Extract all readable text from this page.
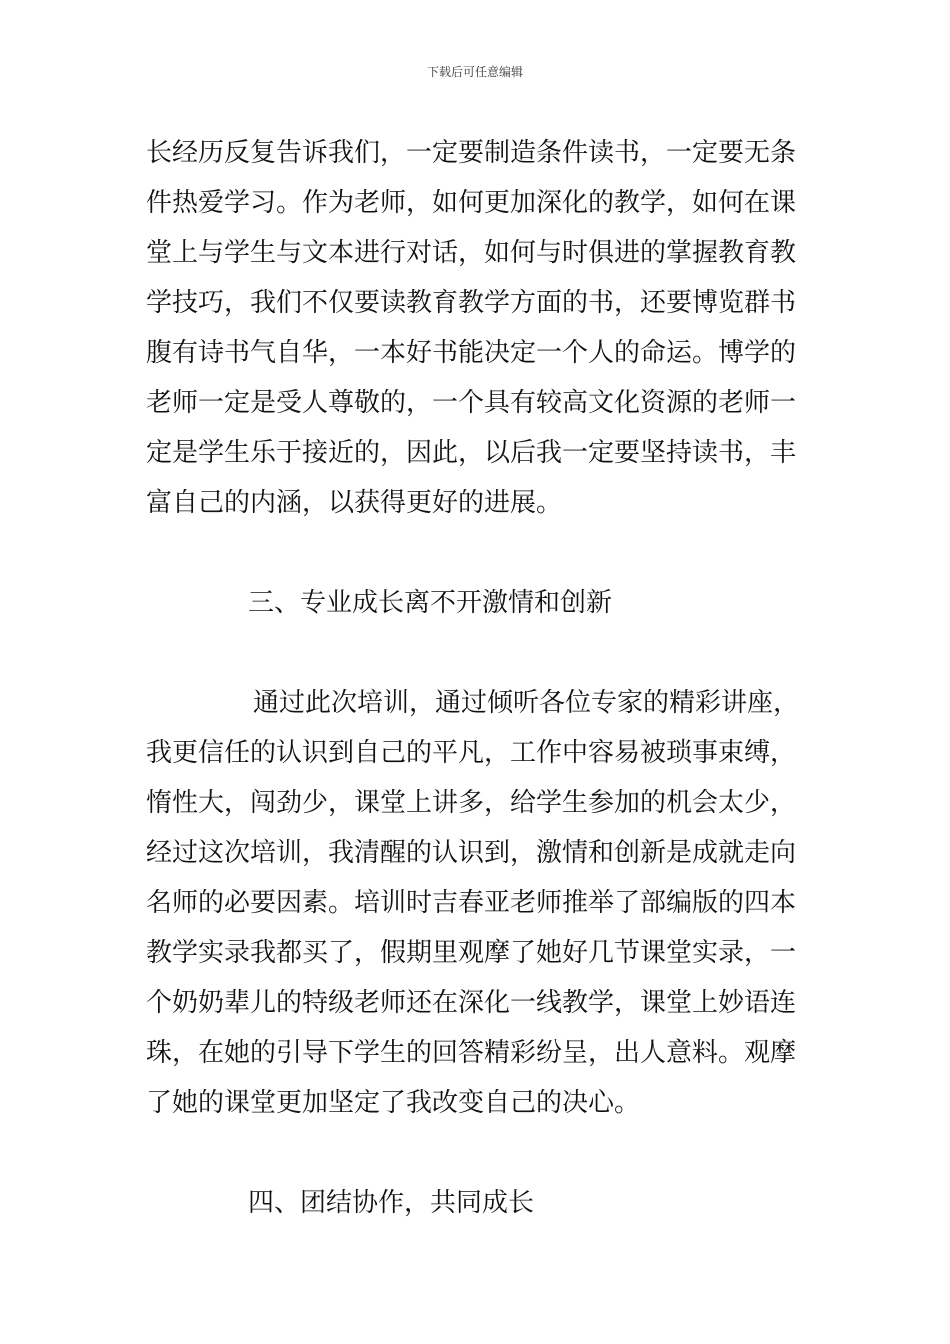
下载后可任意编辑
长经历反复告诉我们，一定要制造条件读书，一定要无条
件热爱学习。作为老师，如何更加深化的教学，如何在课
堂上与学生与文本进行对话，如何与时俱进的掌握教育教
学技巧，我们不仅要读教育教学方面的书，还要博览群书
腹有诗书气自华，一本好书能决定一个人的命运。博学的
老师一定是受人尊敬的，一个具有较高文化资源的老师一
定是学生乐于接近的，因此，以后我一定要坚持读书，丰
富自己的内涵，以获得更好的进展。
三、专业成长离不开激情和创新
通过此次培训，通过倾听各位专家的精彩讲座，
我更信任的认识到自己的平凡，工作中容易被琐事束缚，
惰性大，闯劲少，课堂上讲多，给学生参加的机会太少，
经过这次培训，我清醒的认识到，激情和创新是成就走向
名师的必要因素。培训时吉春亚老师推举了部编版的四本
教学实录我都买了，假期里观摩了她好几节课堂实录，一
个奶奶辈儿的特级老师还在深化一线教学，课堂上妙语连
珠，在她的引导下学生的回答精彩纷呈，出人意料。观摩
了她的课堂更加坚定了我改变自己的决心。
四、团结协作，共同成长
